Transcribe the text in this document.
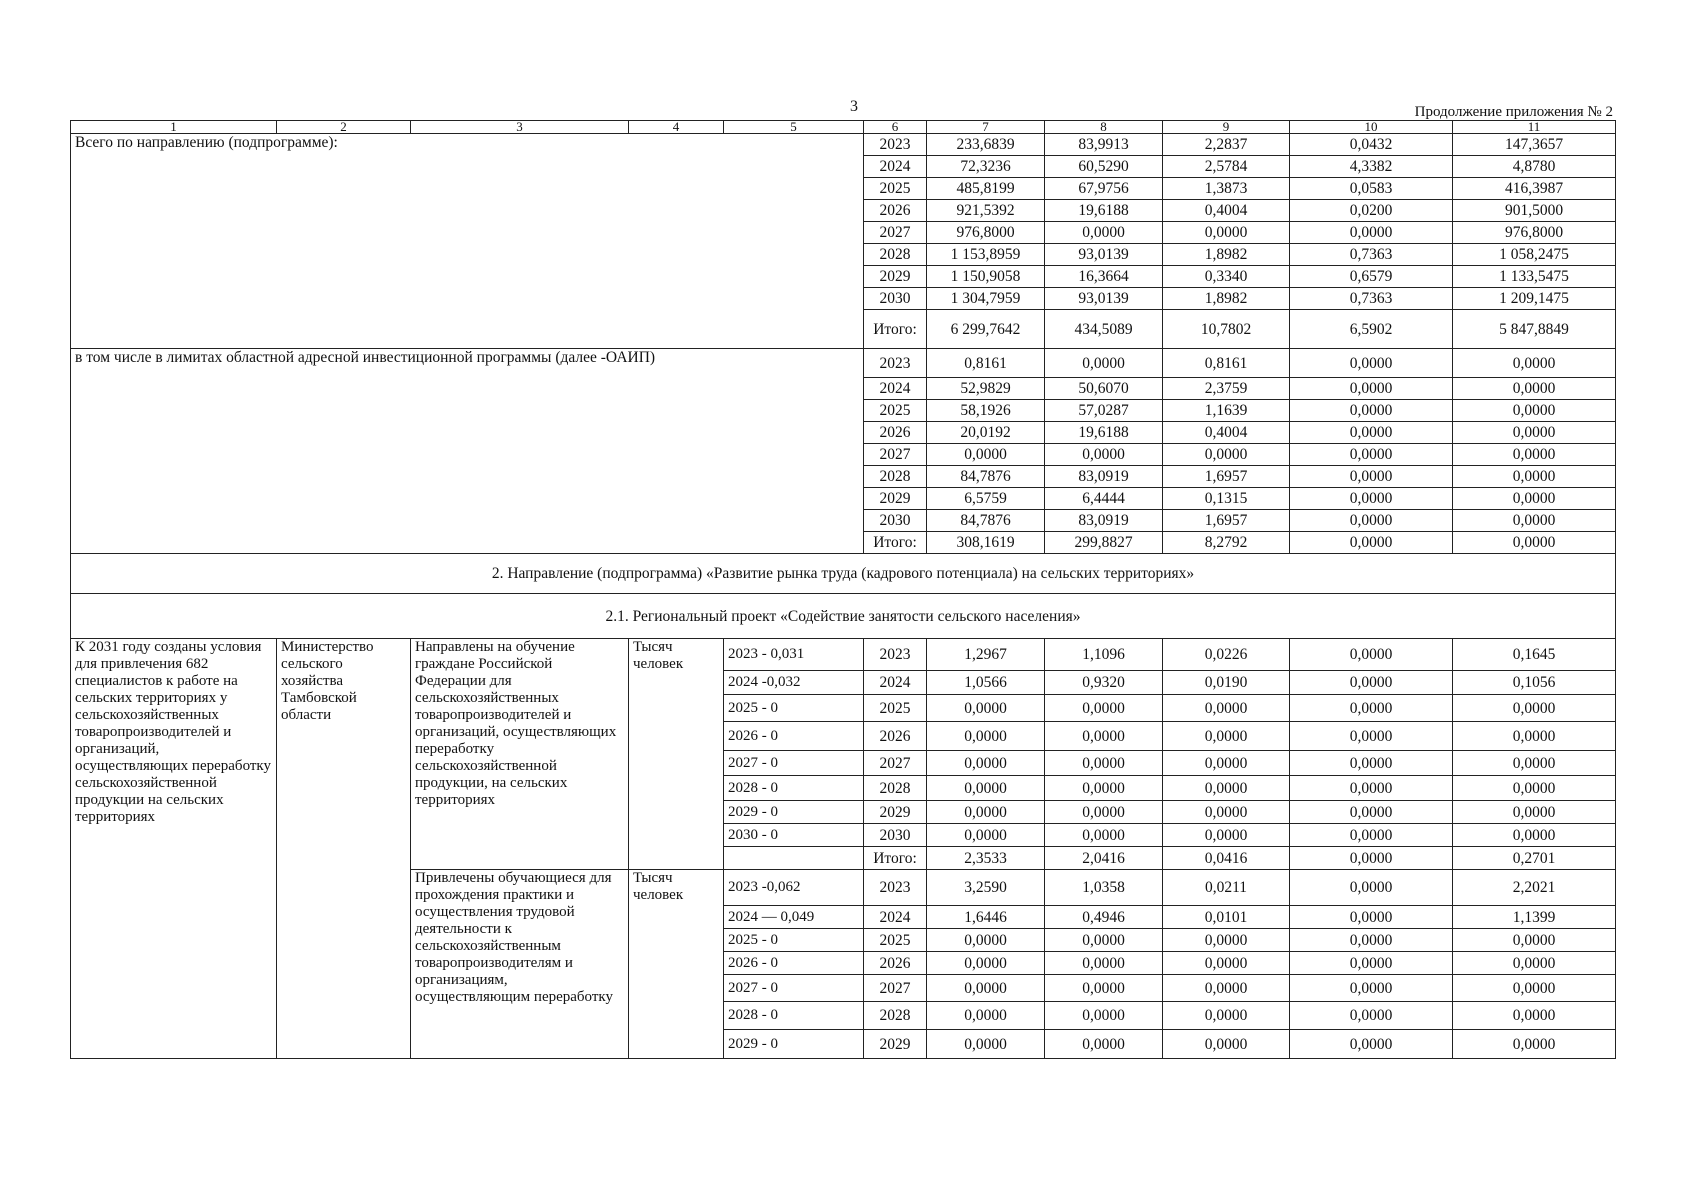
3	Продолжение приложения № 2
1	2	3	4	5	6	7	8	9	10	11
Всего по направлению (подпрограмме):					2023	233,6839	83,9913	2,2837	0,0432	147,3657
					2024	72,3236	60,5290	2,5784	4,3382	4,8780
					2025	485,8199	67,9756	1,3873	0,0583	416,3987
					2026	921,5392	19,6188	0,4004	0,0200	901,5000
					2027	976,8000	0,0000	0,0000	0,0000	976,8000
					2028	1 153,8959	93,0139	1,8982	0,7363	1 058,2475
					2029	1 150,9058	16,3664	0,3340	0,6579	1 133,5475
					2030	1 304,7959	93,0139	1,8982	0,7363	1 209,1475
					Итого:	6 299,7642	434,5089	10,7802	6,5902	5 847,8849
в том числе в лимитах областной адресной инвестиционной программы (далее -ОАИП)					2023	0,8161	0,0000	0,8161	0,0000	0,0000
					2024	52,9829	50,6070	2,3759	0,0000	0,0000
					2025	58,1926	57,0287	1,1639	0,0000	0,0000
					2026	20,0192	19,6188	0,4004	0,0000	0,0000
					2027	0,0000	0,0000	0,0000	0,0000	0,0000
					2028	84,7876	83,0919	1,6957	0,0000	0,0000
					2029	6,5759	6,4444	0,1315	0,0000	0,0000
					2030	84,7876	83,0919	1,6957	0,0000	0,0000
					Итого:	308,1619	299,8827	8,2792	0,0000	0,0000
2. Направление (подпрограмма) «Развитие рынка труда (кадрового потенциала) на сельских территориях»										
2.1. Региональный проект «Содействие занятости сельского населения»										
К 2031 году созданы условия для привлечения 682 специалистов к работе на сельских территориях у сельскохозяйственных товаропроизводителей и организаций, осуществляющих переработку сельскохозяйственной продукции на сельских территориях	Министерство сельского хозяйства Тамбовской области	Направлены на обучение граждане Российской Федерации для сельскохозяйственных товаропроизводителей и организаций, осуществляющих переработку сельскохозяйственной продукции, на сельских территориях	Тысяч человек	2023 - 0,031	2023	1,2967	1,1096	0,0226	0,0000	0,1645
				2024 -0,032	2024	1,0566	0,9320	0,0190	0,0000	0,1056
				2025 - 0	2025	0,0000	0,0000	0,0000	0,0000	0,0000
				2026 - 0	2026	0,0000	0,0000	0,0000	0,0000	0,0000
				2027 - 0	2027	0,0000	0,0000	0,0000	0,0000	0,0000
				2028 - 0	2028	0,0000	0,0000	0,0000	0,0000	0,0000
				2029 - 0	2029	0,0000	0,0000	0,0000	0,0000	0,0000
				2030 - 0	2030	0,0000	0,0000	0,0000	0,0000	0,0000
					Итого:	2,3533	2,0416	0,0416	0,0000	0,2701
		Привлечены обучающиеся для прохождения практики и осуществления трудовой деятельности к сельскохозяйственным товаропроизводителям и организациям, осуществляющим переработку	Тысяч человек	2023 -0,062	2023	3,2590	1,0358	0,0211	0,0000	2,2021
				2024 — 0,049	2024	1,6446	0,4946	0,0101	0,0000	1,1399
				2025 - 0	2025	0,0000	0,0000	0,0000	0,0000	0,0000
				2026 - 0	2026	0,0000	0,0000	0,0000	0,0000	0,0000
				2027 - 0	2027	0,0000	0,0000	0,0000	0,0000	0,0000
				2028 - 0	2028	0,0000	0,0000	0,0000	0,0000	0,0000
				2029 - 0	2029	0,0000	0,0000	0,0000	0,0000	0,0000
